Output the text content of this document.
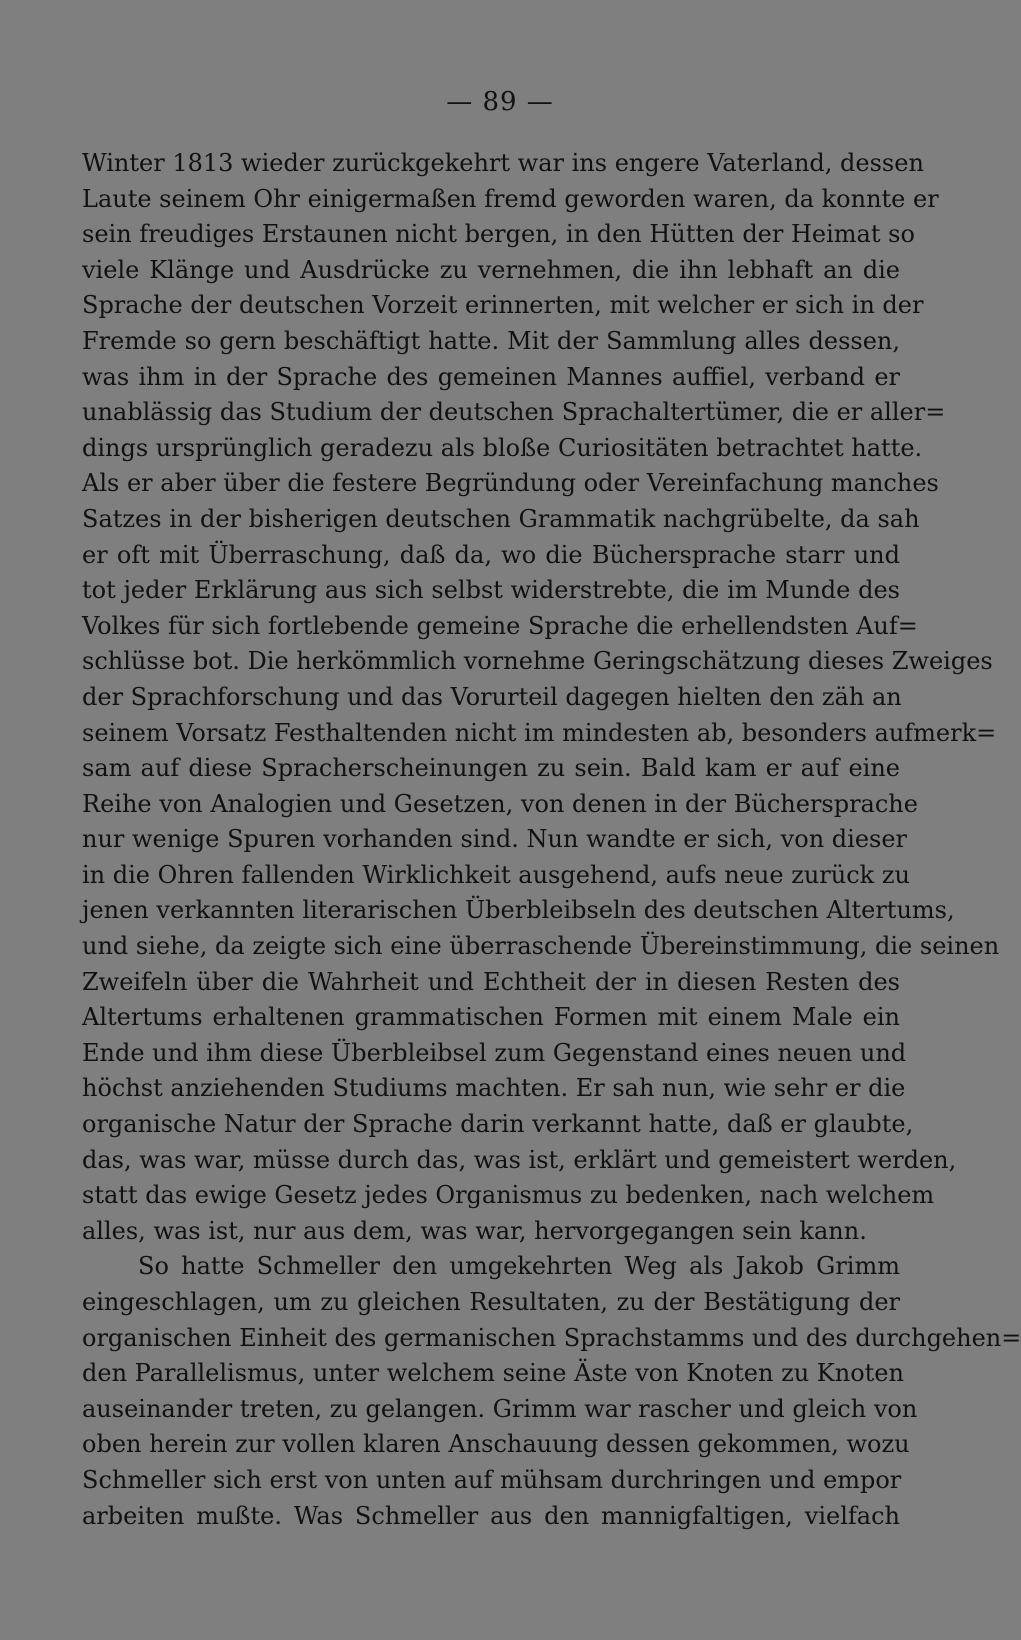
— 89 —
Winter 1813 wieder zurückgekehrt war ins engere Vaterland, dessen
Laute seinem Ohr einigermaßen fremd geworden waren, da konnte er
sein freudiges Erstaunen nicht bergen, in den Hütten der Heimat so
viele Klänge und Ausdrücke zu vernehmen, die ihn lebhaft an die
Sprache der deutschen Vorzeit erinnerten, mit welcher er sich in der
Fremde so gern beschäftigt hatte. Mit der Sammlung alles dessen,
was ihm in der Sprache des gemeinen Mannes auffiel, verband er
unablässig das Studium der deutschen Sprachaltertümer, die er aller=
dings ursprünglich geradezu als bloße Curiositäten betrachtet hatte.
Als er aber über die festere Begründung oder Vereinfachung manches
Satzes in der bisherigen deutschen Grammatik nachgrübelte, da sah
er oft mit Überraschung, daß da, wo die Büchersprache starr und
tot jeder Erklärung aus sich selbst widerstrebte, die im Munde des
Volkes für sich fortlebende gemeine Sprache die erhellendsten Auf=
schlüsse bot. Die herkömmlich vornehme Geringschätzung dieses Zweiges
der Sprachforschung und das Vorurteil dagegen hielten den zäh an
seinem Vorsatz Festhaltenden nicht im mindesten ab, besonders aufmerk=
sam auf diese Spracherscheinungen zu sein. Bald kam er auf eine
Reihe von Analogien und Gesetzen, von denen in der Büchersprache
nur wenige Spuren vorhanden sind. Nun wandte er sich, von dieser
in die Ohren fallenden Wirklichkeit ausgehend, aufs neue zurück zu
jenen verkannten literarischen Überbleibseln des deutschen Altertums,
und siehe, da zeigte sich eine überraschende Übereinstimmung, die seinen
Zweifeln über die Wahrheit und Echtheit der in diesen Resten des
Altertums erhaltenen grammatischen Formen mit einem Male ein
Ende und ihm diese Überbleibsel zum Gegenstand eines neuen und
höchst anziehenden Studiums machten. Er sah nun, wie sehr er die
organische Natur der Sprache darin verkannt hatte, daß er glaubte,
das, was war, müsse durch das, was ist, erklärt und gemeistert werden,
statt das ewige Gesetz jedes Organismus zu bedenken, nach welchem
alles, was ist, nur aus dem, was war, hervorgegangen sein kann.
So hatte Schmeller den umgekehrten Weg als Jakob Grimm
eingeschlagen, um zu gleichen Resultaten, zu der Bestätigung der
organischen Einheit des germanischen Sprachstamms und des durchgehen=
den Parallelismus, unter welchem seine Äste von Knoten zu Knoten
auseinander treten, zu gelangen. Grimm war rascher und gleich von
oben herein zur vollen klaren Anschauung dessen gekommen, wozu
Schmeller sich erst von unten auf mühsam durchringen und empor
arbeiten mußte. Was Schmeller aus den mannigfaltigen, vielfach
